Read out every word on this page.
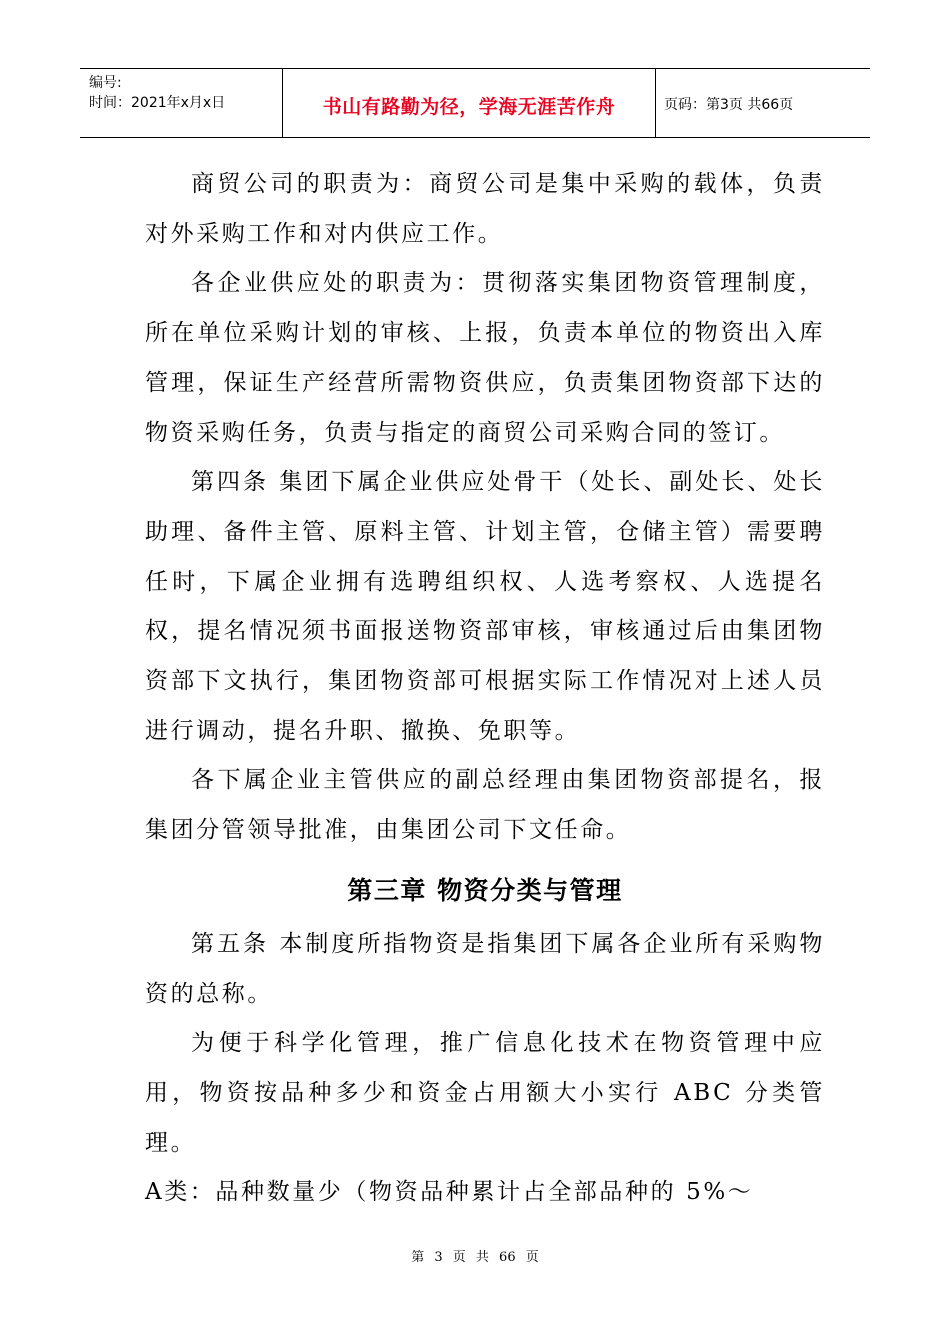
编号:
时间：2021年x月x日	书山有路勤为径，学海无涯苦作舟	页码：第3页 共66页

商贸公司的职责为：商贸公司是集中采购的载体，负责对外采购工作和对内供应工作。

各企业供应处的职责为：贯彻落实集团物资管理制度，所在单位采购计划的审核、上报，负责本单位的物资出入库管理，保证生产经营所需物资供应，负责集团物资部下达的物资采购任务，负责与指定的商贸公司采购合同的签订。

第四条 集团下属企业供应处骨干（处长、副处长、处长助理、备件主管、原料主管、计划主管，仓储主管）需要聘任时，下属企业拥有选聘组织权、人选考察权、人选提名权，提名情况须书面报送物资部审核，审核通过后由集团物资部下文执行，集团物资部可根据实际工作情况对上述人员进行调动，提名升职、撤换、免职等。

各下属企业主管供应的副总经理由集团物资部提名，报集团分管领导批准，由集团公司下文任命。

第三章 物资分类与管理

第五条 本制度所指物资是指集团下属各企业所有采购物资的总称。

为便于科学化管理，推广信息化技术在物资管理中应用，物资按品种多少和资金占用额大小实行 ABC 分类管理。

A类：品种数量少（物资品种累计占全部品种的 5%～

第 3 页 共 66 页
